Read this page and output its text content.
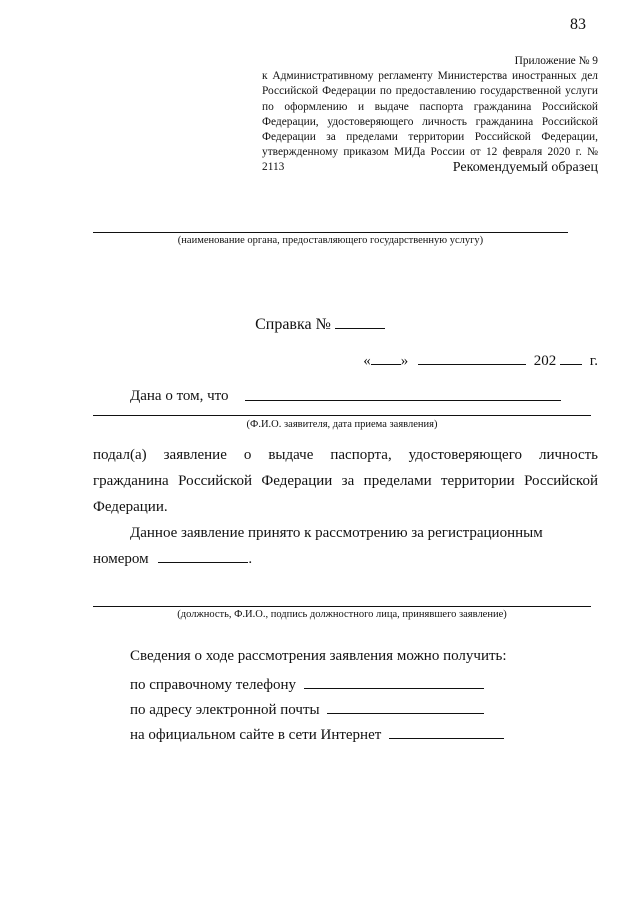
83
Приложение № 9
к Административному регламенту Министерства иностранных дел Российской Федерации по предоставлению государственной услуги по оформлению и выдаче паспорта гражданина Российской Федерации, удостоверяющего личность гражданина Российской Федерации за пределами территории Российской Федерации, утвержденному приказом МИДа России от 12 февраля 2020 г. № 2113	Рекомендуемый образец
(наименование органа, предоставляющего государственную услугу)
Справка №
« »	202 г.
Дана о том, что
(Ф.И.О. заявителя, дата приема заявления)
подал(а) заявление о выдаче паспорта, удостоверяющего личность гражданина Российской Федерации за пределами территории Российской Федерации.
Данное заявление принято к рассмотрению за регистрационным
номером	.
(должность, Ф.И.О., подпись должностного лица, принявшего заявление)
Сведения о ходе рассмотрения заявления можно получить:
по справочному телефону
по адресу электронной почты
на официальном сайте в сети Интернет
